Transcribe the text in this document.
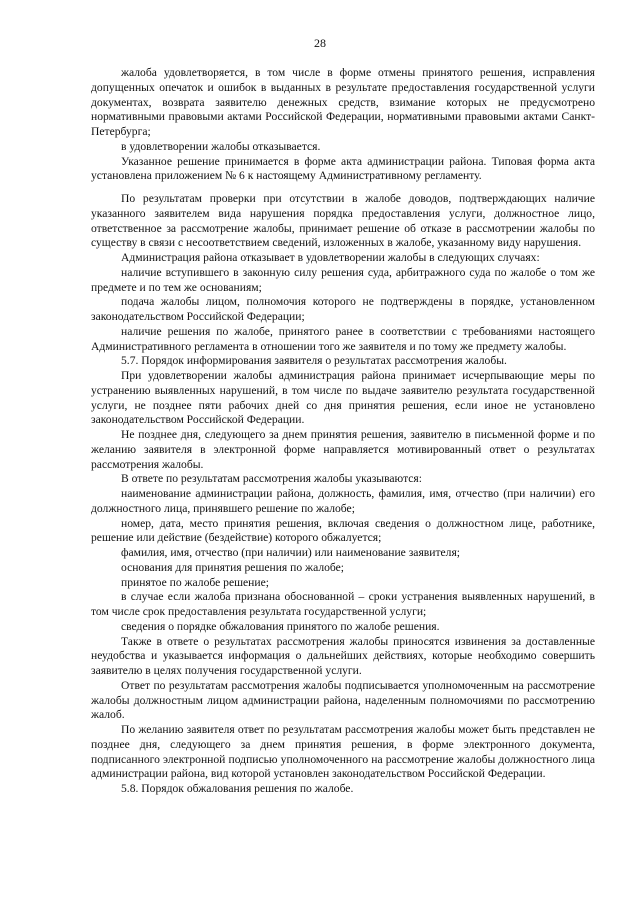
28

жалоба удовлетворяется, в том числе в форме отмены принятого решения, исправления допущенных опечаток и ошибок в выданных в результате предоставления государственной услуги документах, возврата заявителю денежных средств, взимание которых не предусмотрено нормативными правовыми актами Российской Федерации, нормативными правовыми актами Санкт-Петербурга;

в удовлетворении жалобы отказывается.

Указанное решение принимается в форме акта администрации района. Типовая форма акта установлена приложением № 6 к настоящему Административному регламенту.

По результатам проверки при отсутствии в жалобе доводов, подтверждающих наличие указанного заявителем вида нарушения порядка предоставления услуги, должностное лицо, ответственное за рассмотрение жалобы, принимает решение об отказе в рассмотрении жалобы по существу в связи с несоответствием сведений, изложенных в жалобе, указанному виду нарушения.

Администрация района отказывает в удовлетворении жалобы в следующих случаях:

наличие вступившего в законную силу решения суда, арбитражного суда по жалобе о том же предмете и по тем же основаниям;

подача жалобы лицом, полномочия которого не подтверждены в порядке, установленном законодательством Российской Федерации;

наличие решения по жалобе, принятого ранее в соответствии с требованиями настоящего Административного регламента в отношении того же заявителя и по тому же предмету жалобы.

5.7. Порядок информирования заявителя о результатах рассмотрения жалобы.

При удовлетворении жалобы администрация района принимает исчерпывающие меры по устранению выявленных нарушений, в том числе по выдаче заявителю результата государственной услуги, не позднее пяти рабочих дней со дня принятия решения, если иное не установлено законодательством Российской Федерации.

Не позднее дня, следующего за днем принятия решения, заявителю в письменной форме и по желанию заявителя в электронной форме направляется мотивированный ответ о результатах рассмотрения жалобы.

В ответе по результатам рассмотрения жалобы указываются:

наименование администрации района, должность, фамилия, имя, отчество (при наличии) его должностного лица, принявшего решение по жалобе;

номер, дата, место принятия решения, включая сведения о должностном лице, работнике, решение или действие (бездействие) которого обжалуется;

фамилия, имя, отчество (при наличии) или наименование заявителя;

основания для принятия решения по жалобе;

принятое по жалобе решение;

в случае если жалоба признана обоснованной – сроки устранения выявленных нарушений, в том числе срок предоставления результата государственной услуги;

сведения о порядке обжалования принятого по жалобе решения.

Также в ответе о результатах рассмотрения жалобы приносятся извинения за доставленные неудобства и указывается информация о дальнейших действиях, которые необходимо совершить заявителю в целях получения государственной услуги.

Ответ по результатам рассмотрения жалобы подписывается уполномоченным на рассмотрение жалобы должностным лицом администрации района, наделенным полномочиями по рассмотрению жалоб.

По желанию заявителя ответ по результатам рассмотрения жалобы может быть представлен не позднее дня, следующего за днем принятия решения, в форме электронного документа, подписанного электронной подписью уполномоченного на рассмотрение жалобы должностного лица администрации района, вид которой установлен законодательством Российской Федерации.

5.8. Порядок обжалования решения по жалобе.
